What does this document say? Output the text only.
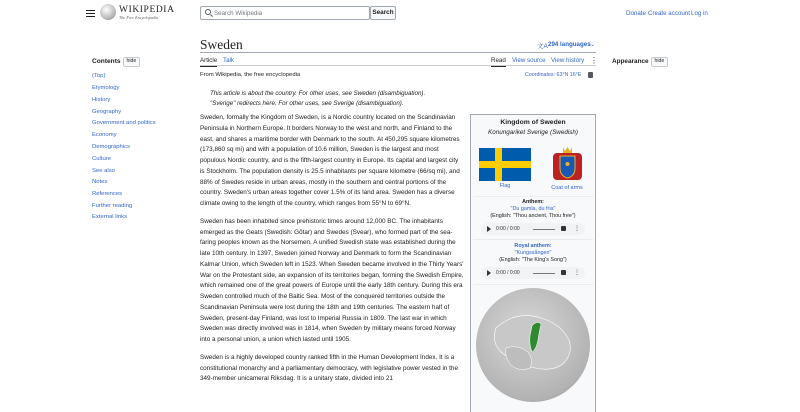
WIKIPEDIA
The Free Encyclopedia
Search Wikipedia	Search	Donate Create account Log in
Contents	hide
(Top)
Etymology
History
Geography
Government and politics
Economy
Demographics
Culture
See also
Notes
References
Further reading
External links
Sweden	文A 294 languages ⌄
Article Talk	Read View source View history ⋮
From Wikipedia, the free encyclopedia	Coordinates: 63°N 16°E
This article is about the country. For other uses, see Sweden (disambiguation).
"Sverige" redirects here. For other uses, see Sverige (disambiguation).

Sweden, formally the Kingdom of Sweden, is a Nordic country located on the Scandinavian Peninsula in Northern Europe. It borders Norway to the west and north, and Finland to the east, and shares a maritime border with Denmark to the south. At 450,295 square kilometres (173,860 sq mi) and with a population of 10.6 million, Sweden is the largest and most populous Nordic country, and is the fifth-largest country in Europe. Its capital and largest city is Stockholm. The population density is 25.5 inhabitants per square kilometre (66/sq mi), and 88% of Swedes reside in urban areas, mostly in the southern and central portions of the country. Sweden's urban areas together cover 1.5% of its land area. Sweden has a diverse climate owing to the length of the country, which ranges from 55°N to 69°N.

Sweden has been inhabited since prehistoric times around 12,000 BC. The inhabitants emerged as the Geats (Swedish: Götar) and Swedes (Svear), who formed part of the sea-faring peoples known as the Norsemen. A unified Swedish state was established during the late 10th century. In 1397, Sweden joined Norway and Denmark to form the Scandinavian Kalmar Union, which Sweden left in 1523. When Sweden became involved in the Thirty Years' War on the Protestant side, an expansion of its territories began, forming the Swedish Empire, which remained one of the great powers of Europe until the early 18th century. During this era Sweden controlled much of the Baltic Sea. Most of the conquered territories outside the Scandinavian Peninsula were lost during the 18th and 19th centuries. The eastern half of Sweden, present-day Finland, was lost to Imperial Russia in 1809. The last war in which Sweden was directly involved was in 1814, when Sweden by military means forced Norway into a personal union, a union which lasted until 1905.

Sweden is a highly developed country ranked fifth in the Human Development Index. It is a constitutional monarchy and a parliamentary democracy, with legislative power vested in the 349-member unicameral Riksdag. It is a unitary state, divided into 21

Appearance	hide
Kingdom of Sweden
Konungariket Sverige (Swedish)
Flag	Coat of arms
Anthem:
"Du gamla, du fria"
(English: "Thou ancient, Thou free")
0:00 / 0:00	⋮
Royal anthem:
"Kungssången"
(English: "The King's Song")
0:00 / 0:00	⋮
